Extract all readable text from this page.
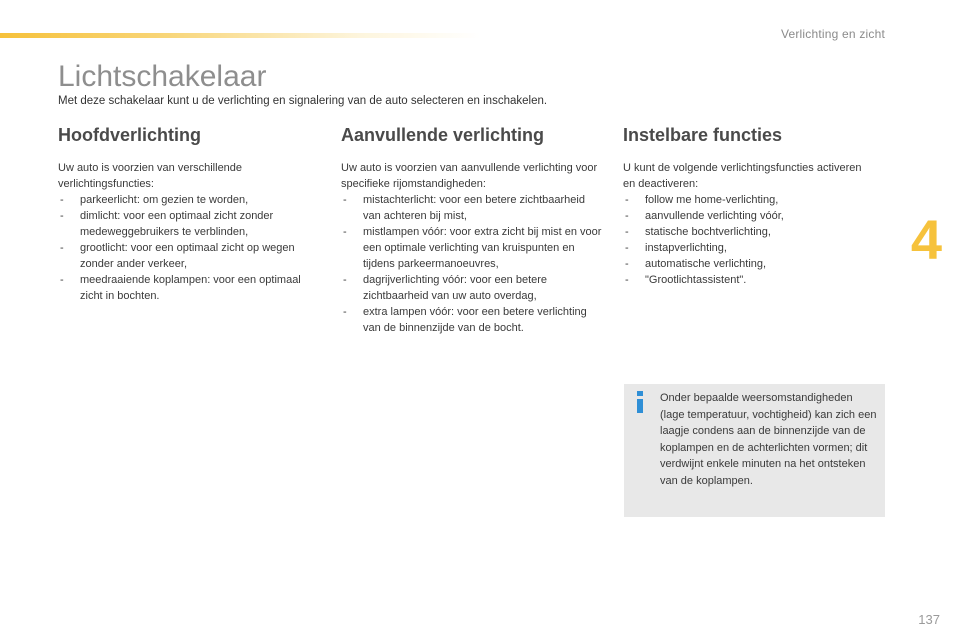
Verlichting en zicht
4
Lichtschakelaar

Met deze schakelaar kunt u de verlichting en signalering van de auto selecteren en inschakelen.

Hoofdverlichting

Uw auto is voorzien van verschillende verlichtingsfuncties:

- parkeerlicht: om gezien te worden,
- dimlicht: voor een optimaal zicht zonder medeweggebruikers te verblinden,
- grootlicht: voor een optimaal zicht op wegen zonder ander verkeer,
- meedraaiende koplampen: voor een optimaal zicht in bochten.
Aanvullende verlichting

Uw auto is voorzien van aanvullende verlichting voor specifieke rijomstandigheden:

- mistachterlicht: voor een betere zichtbaarheid van achteren bij mist,
- mistlampen vóór: voor extra zicht bij mist en voor een optimale verlichting van kruispunten en tijdens parkeermanoeuvres,
- dagrijverlichting vóór: voor een betere zichtbaarheid van uw auto overdag,
- extra lampen vóór: voor een betere verlichting van de binnenzijde van de bocht.
Instelbare functies

U kunt de volgende verlichtingsfuncties activeren en deactiveren:

- follow me home-verlichting,
- aanvullende verlichting vóór,
- statische bochtverlichting,
- instapverlichting,
- automatische verlichting,
- "Grootlichtassistent".

Onder bepaalde weersomstandigheden (lage temperatuur, vochtigheid) kan zich een laagje condens aan de binnenzijde van de koplampen en de achterlichten vormen; dit verdwijnt enkele minuten na het ontsteken van de koplampen.

137
